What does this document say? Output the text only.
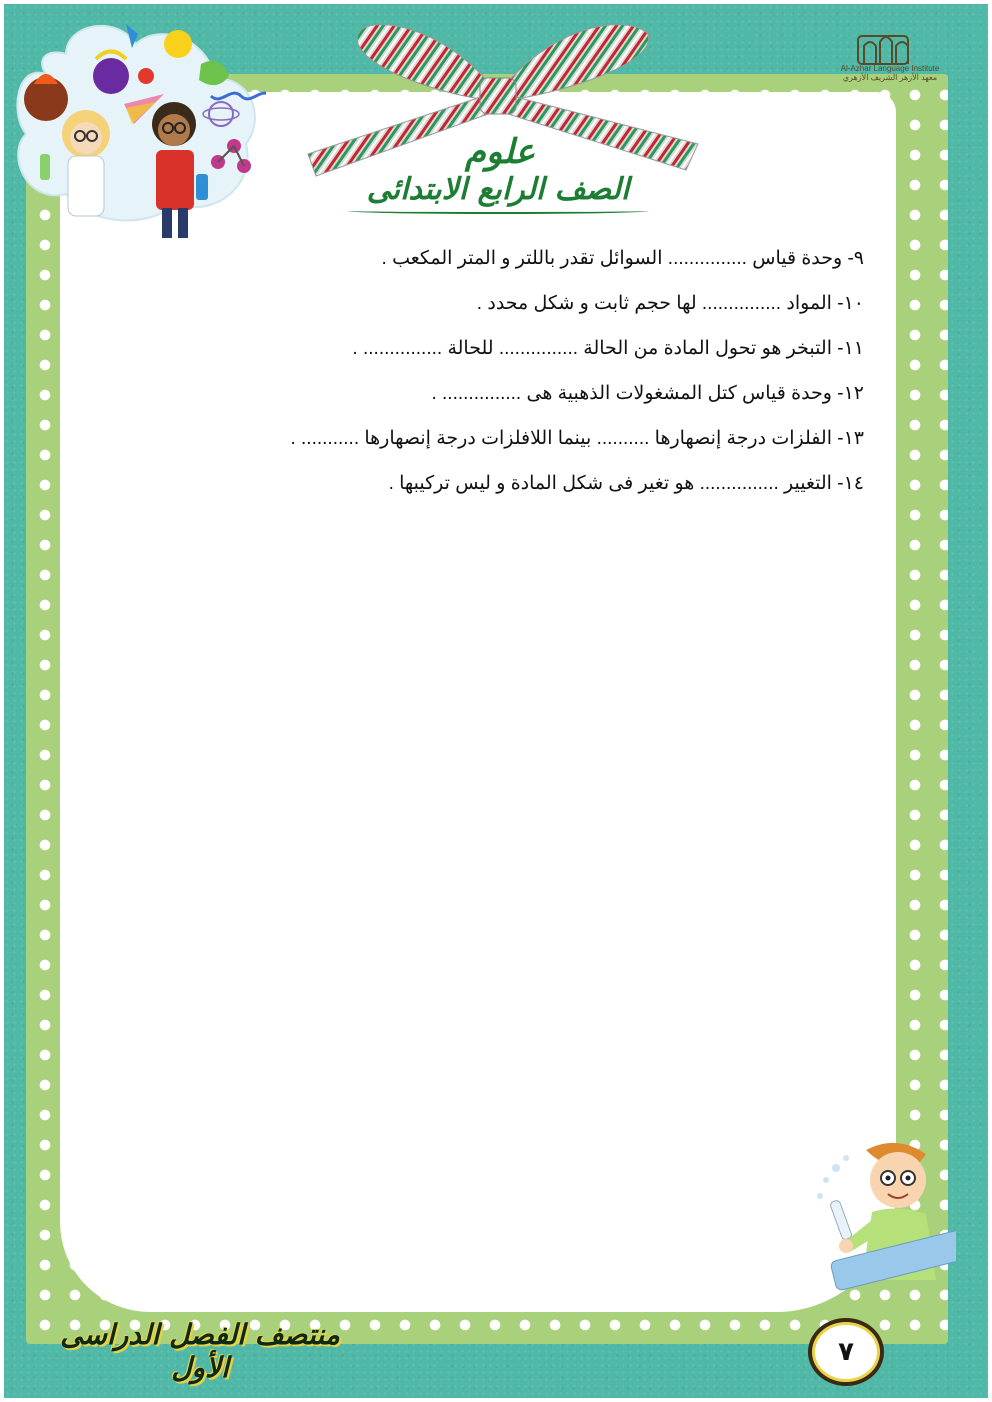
Al-Azhar Language Institute
معهد الأزهر الشريف الأزهري
علوم
الصف الرابع الابتدائى
٩- وحدة قياس ............... السوائل تقدر باللتر و المتر المكعب .
١٠- المواد ............... لها حجم ثابت و شكل محدد .
١١- التبخر هو تحول المادة من الحالة ............... للحالة ............... .
١٢- وحدة قياس كتل المشغولات الذهبية هى ............... .
١٣- الفلزات درجة إنصهارها .......... بينما اللافلزات درجة إنصهارها ........... .
١٤- التغيير ............... هو تغير فى شكل المادة و ليس تركيبها .
منتصف الفصل الدراسى الأول	٧
